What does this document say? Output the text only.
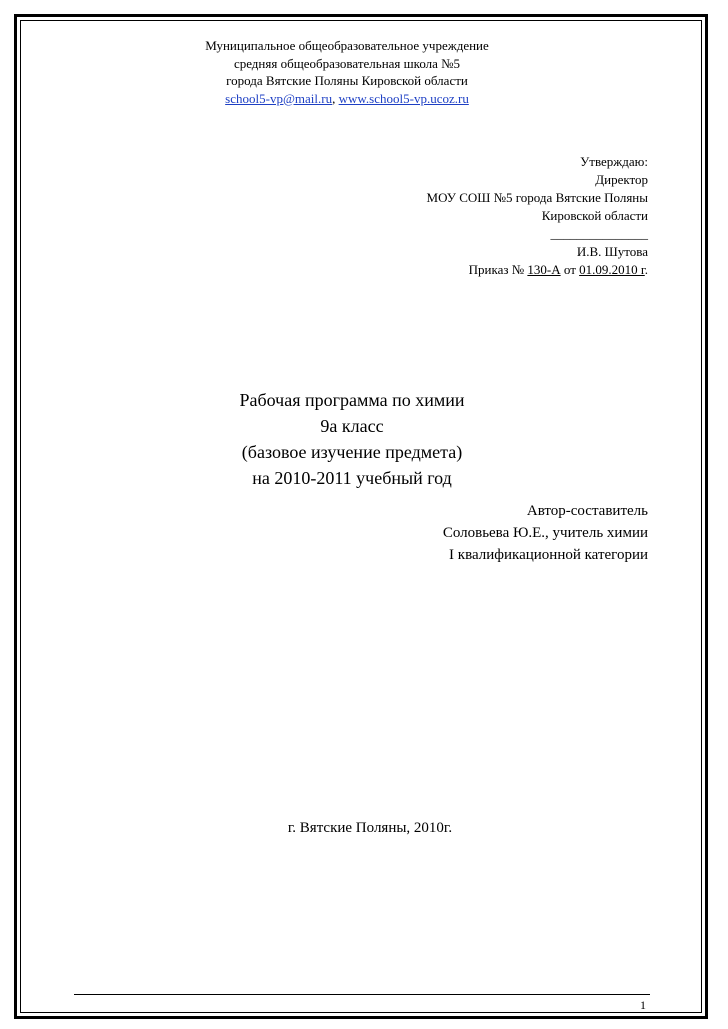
Муниципальное общеобразовательное учреждение
средняя общеобразовательная школа №5
города Вятские Поляны Кировской области
school5-vp@mail.ru, www.school5-vp.ucoz.ru
Утверждаю:
Директор
МОУ СОШ №5 города Вятские Поляны
Кировской области
_______________
И.В. Шутова
Приказ № 130-А от 01.09.2010 г.
Рабочая программа по химии
9а класс
(базовое изучение предмета)
на 2010-2011 учебный год
Автор-составитель
Соловьева Ю.Е., учитель химии
I квалификационной категории
г. Вятские Поляны, 2010г.
1
